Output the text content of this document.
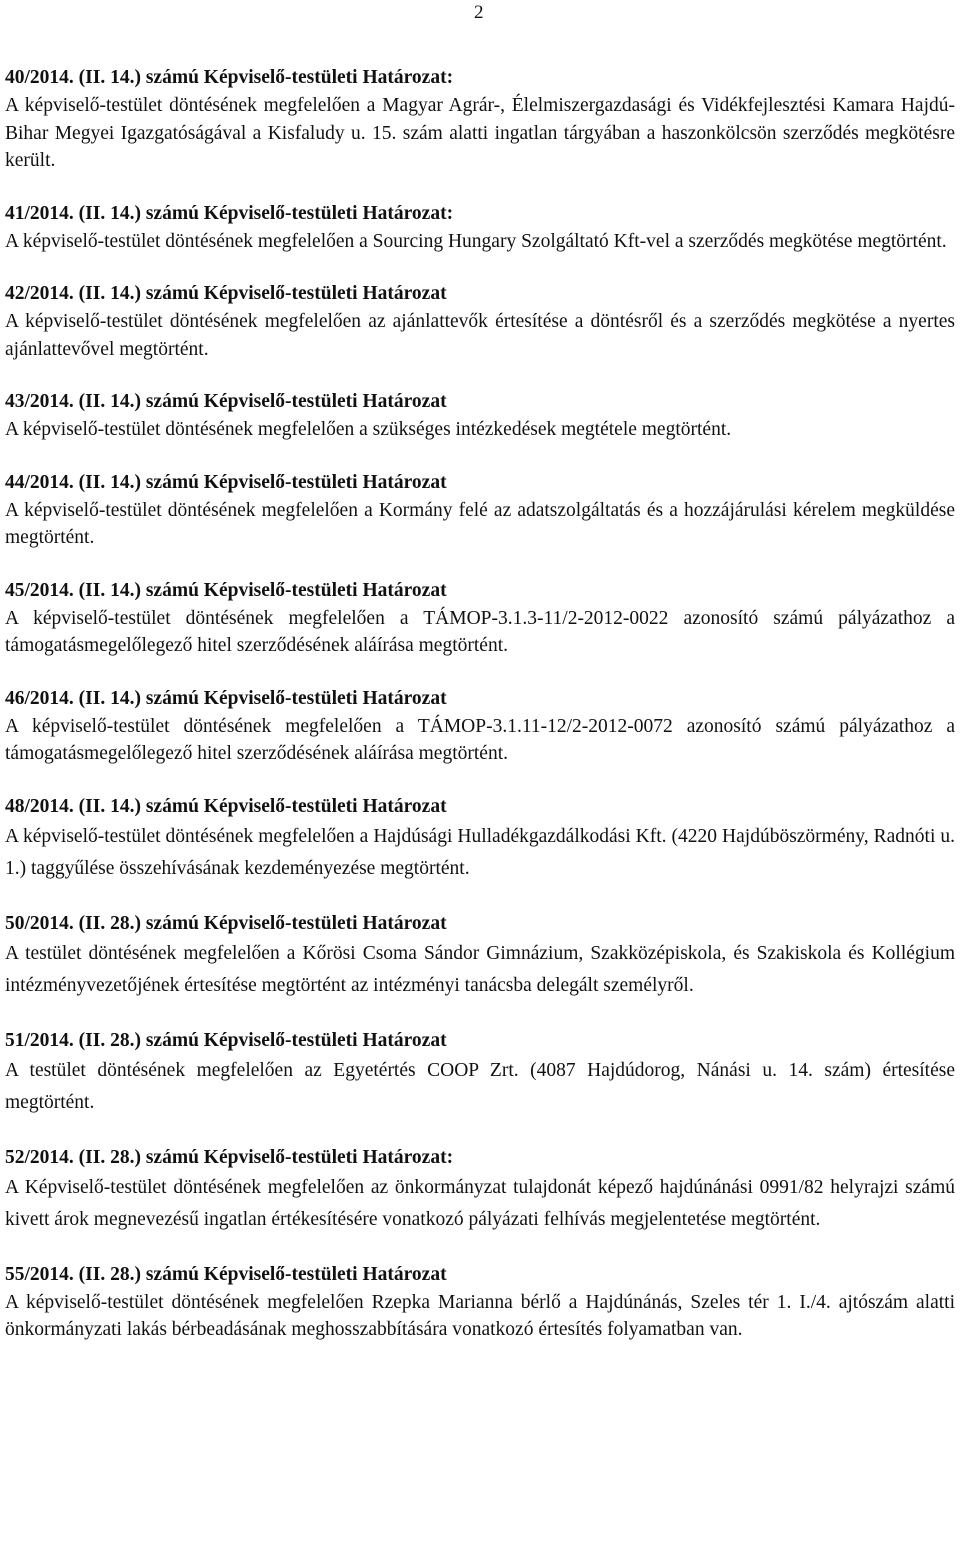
2
40/2014. (II. 14.) számú Képviselő-testületi Határozat:
A képviselő-testület döntésének megfelelően a Magyar Agrár-, Élelmiszergazdasági és Vidékfejlesztési Kamara Hajdú-Bihar Megyei Igazgatóságával a Kisfaludy u. 15. szám alatti ingatlan tárgyában a haszonkölcsön szerződés megkötésre került.
41/2014. (II. 14.) számú Képviselő-testületi Határozat:
A képviselő-testület döntésének megfelelően a Sourcing Hungary Szolgáltató Kft-vel a szerződés megkötése megtörtént.
42/2014. (II. 14.) számú Képviselő-testületi Határozat
A képviselő-testület döntésének megfelelően az ajánlattevők értesítése a döntésről és a szerződés megkötése a nyertes ajánlattevővel megtörtént.
43/2014. (II. 14.) számú Képviselő-testületi Határozat
A képviselő-testület döntésének megfelelően a szükséges intézkedések megtétele megtörtént.
44/2014. (II. 14.) számú Képviselő-testületi Határozat
A képviselő-testület döntésének megfelelően a Kormány felé az adatszolgáltatás és a hozzájárulási kérelem megküldése megtörtént.
45/2014. (II. 14.) számú Képviselő-testületi Határozat
A képviselő-testület döntésének megfelelően a TÁMOP-3.1.3-11/2-2012-0022 azonosító számú pályázathoz a támogatásmegelőlegező hitel szerződésének aláírása megtörtént.
46/2014. (II. 14.) számú Képviselő-testületi Határozat
A képviselő-testület döntésének megfelelően a TÁMOP-3.1.11-12/2-2012-0072 azonosító számú pályázathoz a támogatásmegelőlegező hitel szerződésének aláírása megtörtént.
48/2014. (II. 14.) számú Képviselő-testületi Határozat
A képviselő-testület döntésének megfelelően a Hajdúsági Hulladékgazdálkodási Kft. (4220 Hajdúböszörmény, Radnóti u. 1.) taggyűlése összehívásának kezdeményezése megtörtént.
50/2014. (II. 28.) számú Képviselő-testületi Határozat
A testület döntésének megfelelően a Kőrösi Csoma Sándor Gimnázium, Szakközépiskola, és Szakiskola és Kollégium intézményvezetőjének értesítése megtörtént az intézményi tanácsba delegált személyről.
51/2014. (II. 28.) számú Képviselő-testületi Határozat
A testület döntésének megfelelően az Egyetértés COOP Zrt. (4087 Hajdúdorog, Nánási u. 14. szám) értesítése megtörtént.
52/2014. (II. 28.) számú Képviselő-testületi Határozat:
A Képviselő-testület döntésének megfelelően az önkormányzat tulajdonát képező hajdúnánási 0991/82 helyrajzi számú kivett árok megnevezésű ingatlan értékesítésére vonatkozó pályázati felhívás megjelentetése megtörtént.
55/2014. (II. 28.) számú Képviselő-testületi Határozat
A képviselő-testület döntésének megfelelően Rzepka Marianna bérlő a Hajdúnánás, Szeles tér 1. I./4. ajtószám alatti önkormányzati lakás bérbeadásának meghosszabbítására vonatkozó értesítés folyamatban van.
